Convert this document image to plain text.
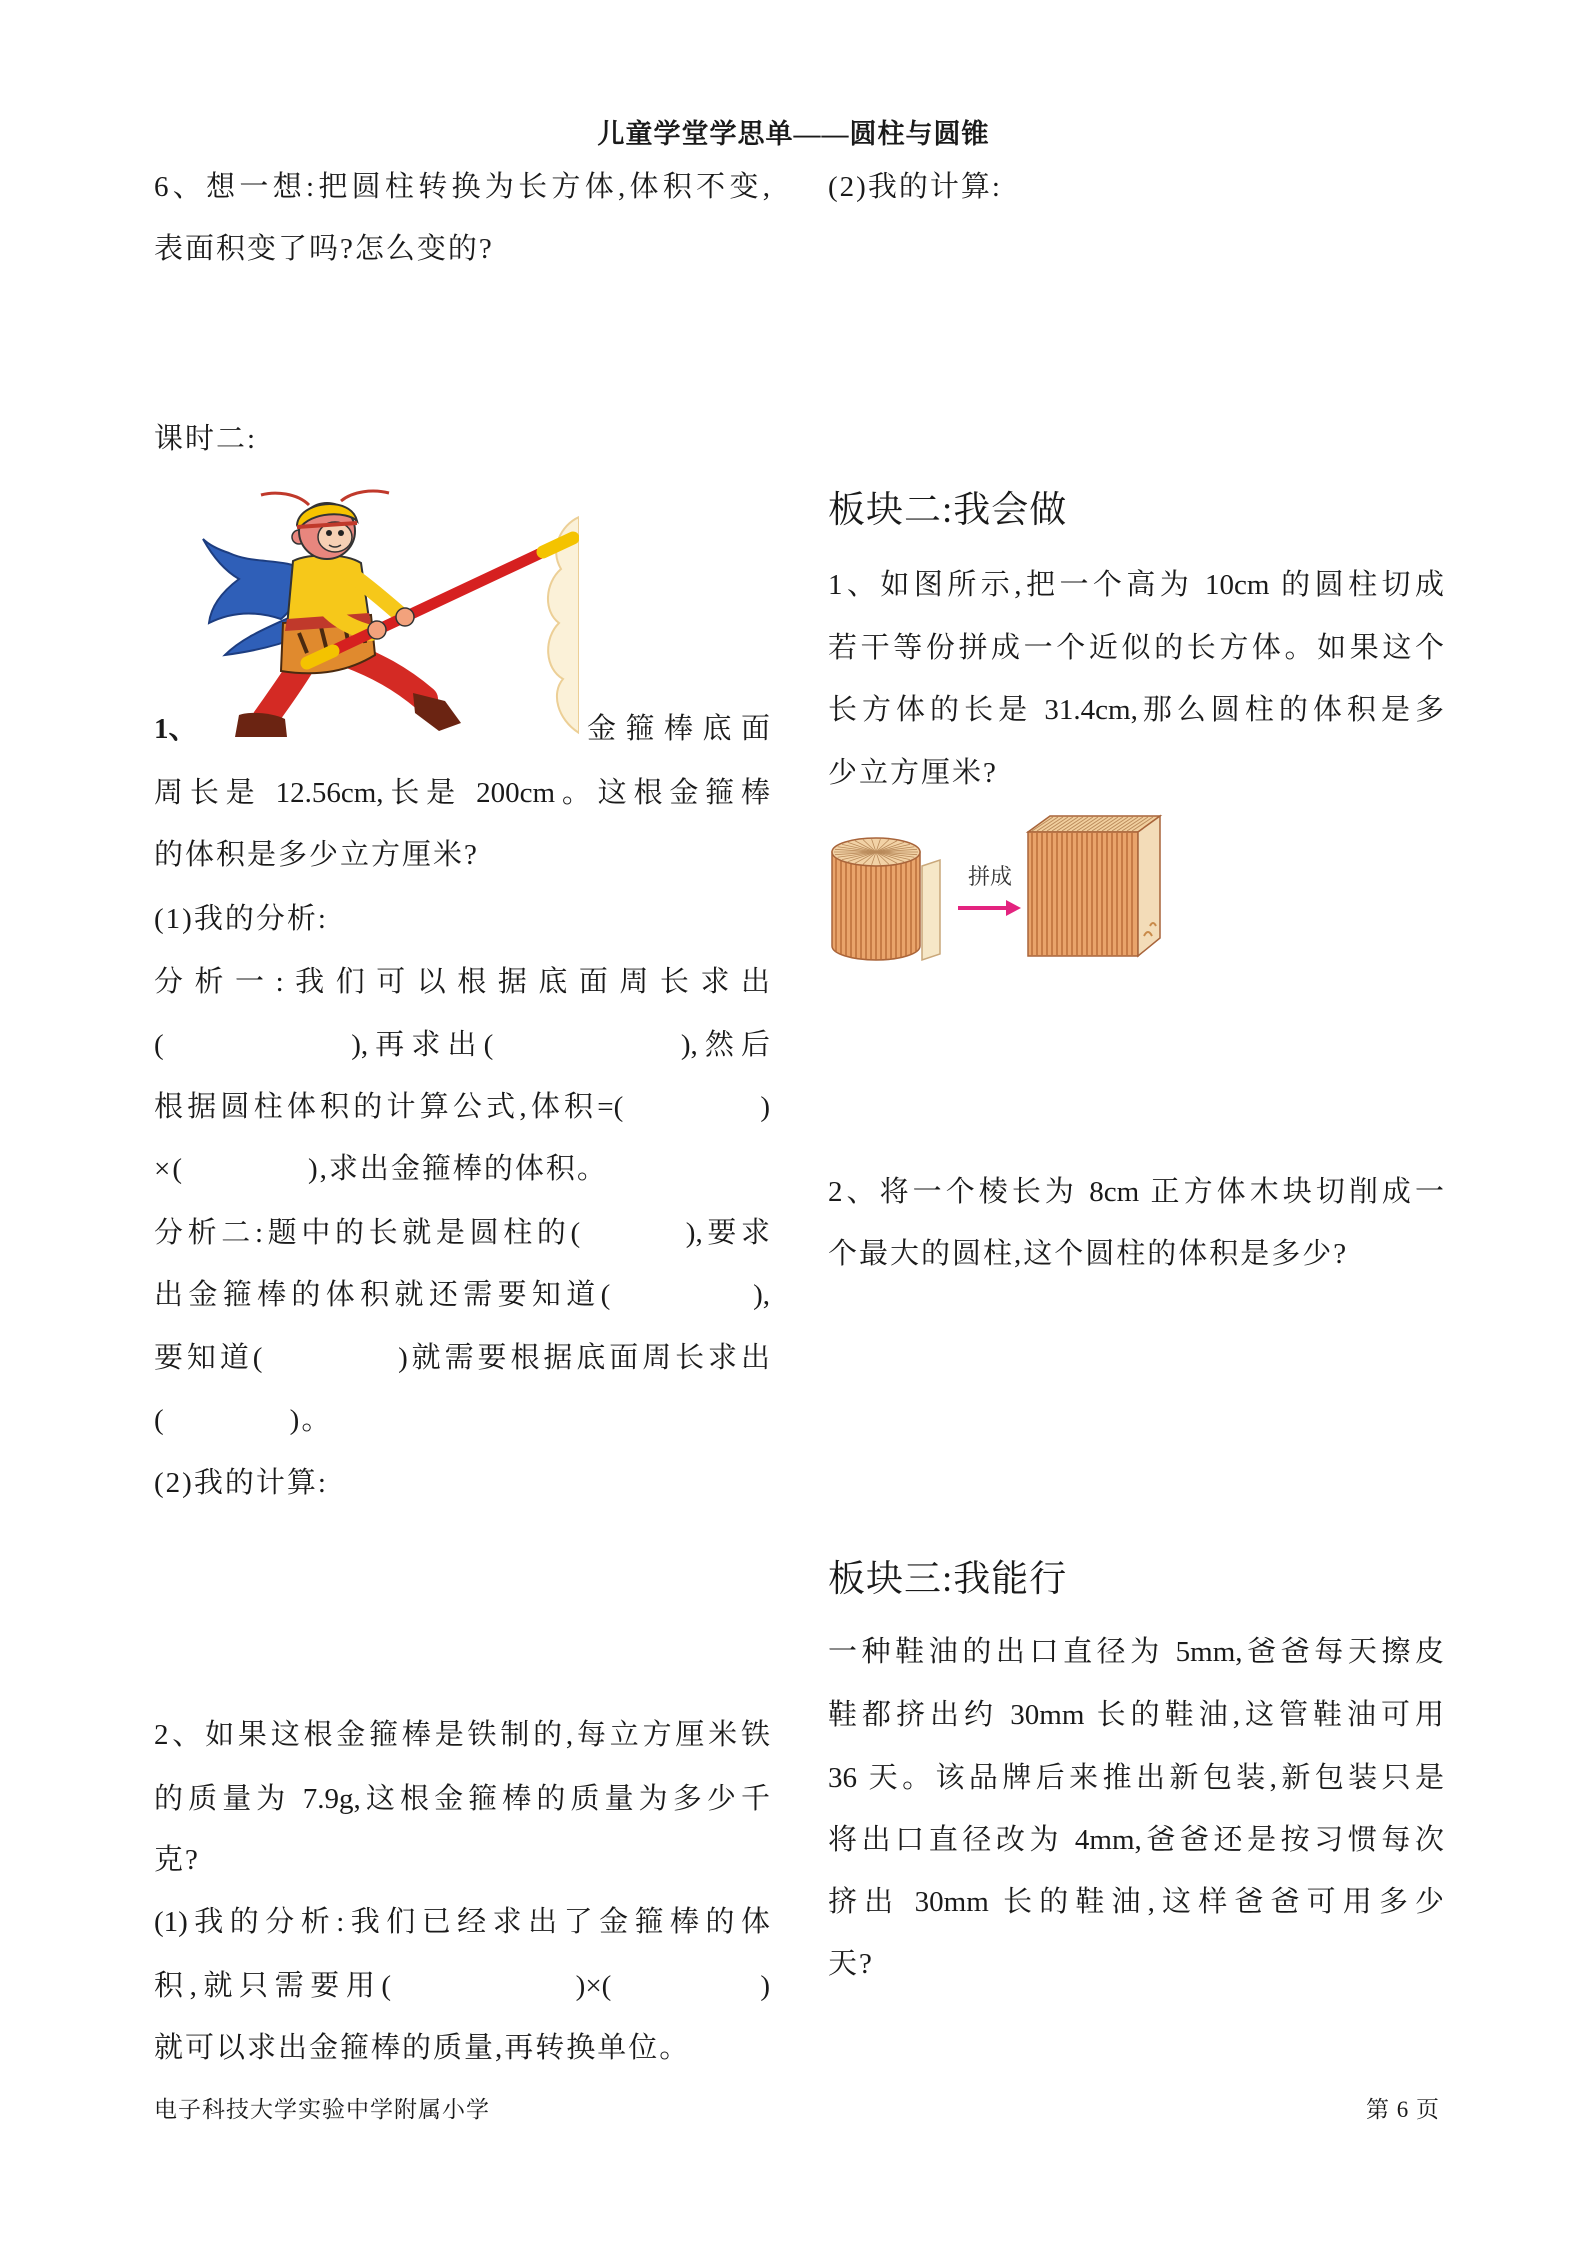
儿童学堂学思单——圆柱与圆锥
6、想一想:把圆柱转换为长方体,体积不变,
表面积变了吗?怎么变的?
课时二:
1、	金箍棒底面
周长是 12.56cm,长是 200cm。这根金箍棒
的体积是多少立方厘米?
(1)我的分析:
分析一:我们可以根据底面周长求出
(　　　　　),再求出(　　　　　),然后
根据圆柱体积的计算公式,体积=(　　　　)
×(　　　　),求出金箍棒的体积。
分析二:题中的长就是圆柱的(　　　),要求
出金箍棒的体积就还需要知道(　　　　),
要知道(　　　　)就需要根据底面周长求出
(　　　　)。
(2)我的计算:
2、如果这根金箍棒是铁制的,每立方厘米铁
的质量为 7.9g,这根金箍棒的质量为多少千
克?
(1)我的分析:我们已经求出了金箍棒的体
积,就只需要用(　　　　　)×(　　　　)
就可以求出金箍棒的质量,再转换单位。
(2)我的计算:
板块二:我会做
1、如图所示,把一个高为 10cm 的圆柱切成
若干等份拼成一个近似的长方体。如果这个
长方体的长是 31.4cm,那么圆柱的体积是多
少立方厘米?
拼成
2、将一个棱长为 8cm 正方体木块切削成一
个最大的圆柱,这个圆柱的体积是多少?
板块三:我能行
一种鞋油的出口直径为 5mm,爸爸每天擦皮
鞋都挤出约 30mm 长的鞋油,这管鞋油可用
36 天。该品牌后来推出新包装,新包装只是
将出口直径改为 4mm,爸爸还是按习惯每次
挤出 30mm 长的鞋油,这样爸爸可用多少
天?
电子科技大学实验中学附属小学	第 6 页
